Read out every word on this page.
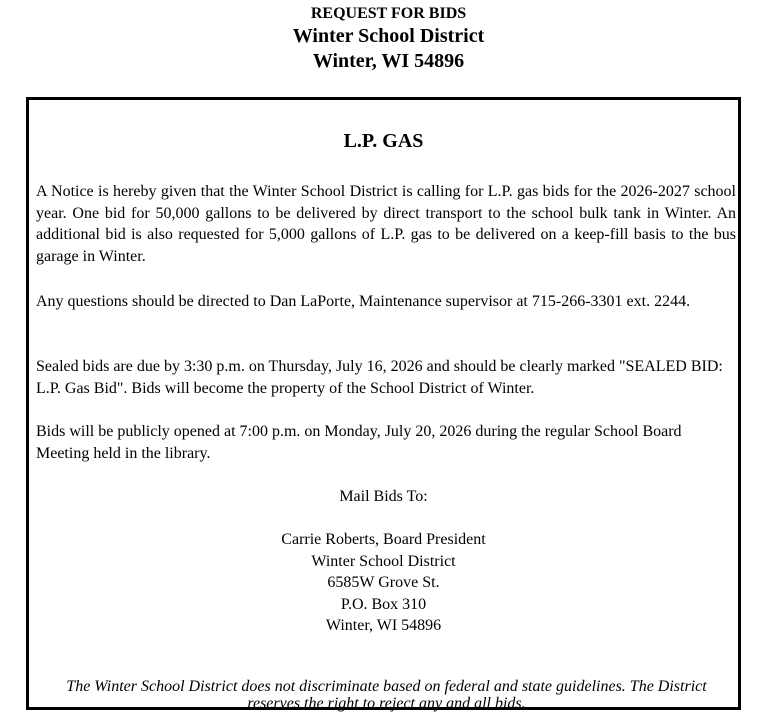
REQUEST FOR BIDS
Winter School District
Winter, WI 54896
L.P. GAS

A Notice is hereby given that the Winter School District is calling for L.P. gas bids for the 2026-2027 school year. One bid for 50,000 gallons to be delivered by direct transport to the school bulk tank in Winter. An additional bid is also requested for 5,000 gallons of L.P. gas to be delivered on a keep-fill basis to the bus garage in Winter.

Any questions should be directed to Dan LaPorte, Maintenance supervisor at 715-266-3301 ext. 2244.

Sealed bids are due by 3:30 p.m. on Thursday, July 16, 2026 and should be clearly marked "SEALED BID: L.P. Gas Bid". Bids will become the property of the School District of Winter.

Bids will be publicly opened at 7:00 p.m. on Monday, July 20, 2026 during the regular School Board Meeting held in the library.

Mail Bids To:
Carrie Roberts, Board President
Winter School District
6585W Grove St.
P.O. Box 310
Winter, WI 54896
The Winter School District does not discriminate based on federal and state guidelines. The District reserves the right to reject any and all bids.
